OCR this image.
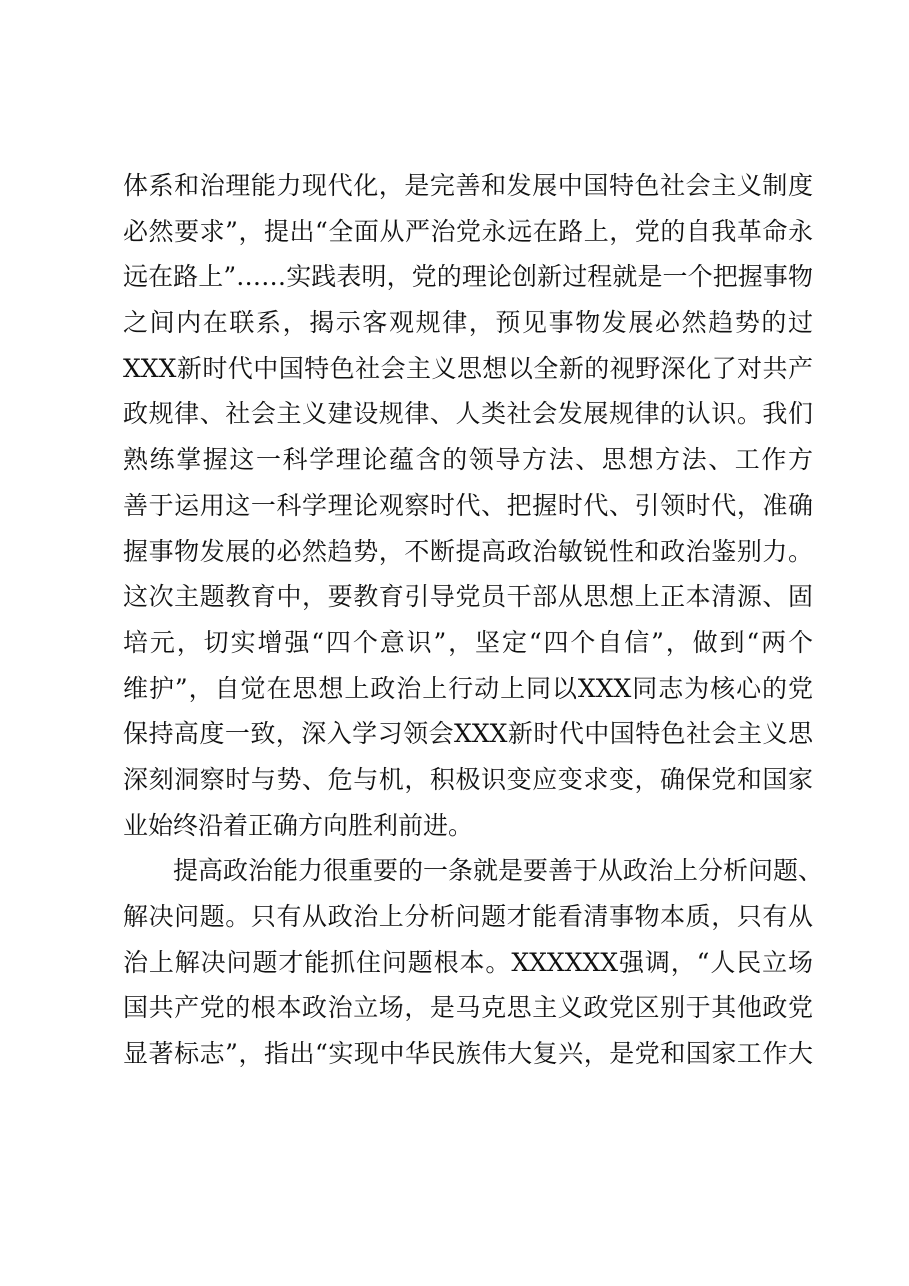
体系和治理能力现代化，是完善和发展中国特色社会主义制度
必然要求”，提出“全面从严治党永远在路上，党的自我革命永
远在路上”……实践表明，党的理论创新过程就是一个把握事物
之间内在联系，揭示客观规律，预见事物发展必然趋势的过
XXX新时代中国特色社会主义思想以全新的视野深化了对共产
政规律、社会主义建设规律、人类社会发展规律的认识。我们
熟练掌握这一科学理论蕴含的领导方法、思想方法、工作方
善于运用这一科学理论观察时代、把握时代、引领时代，准确
握事物发展的必然趋势，不断提高政治敏锐性和政治鉴别力。
这次主题教育中，要教育引导党员干部从思想上正本清源、固
培元，切实增强“四个意识”，坚定“四个自信”，做到“两个
维护”，自觉在思想上政治上行动上同以XXX同志为核心的党
保持高度一致，深入学习领会XXX新时代中国特色社会主义思
深刻洞察时与势、危与机，积极识变应变求变，确保党和国家
业始终沿着正确方向胜利前进。
提高政治能力很重要的一条就是要善于从政治上分析问题、
解决问题。只有从政治上分析问题才能看清事物本质，只有从
治上解决问题才能抓住问题根本。XXXXXX强调，“人民立场
国共产党的根本政治立场，是马克思主义政党区别于其他政党
显著标志”，指出“实现中华民族伟大复兴，是党和国家工作大
